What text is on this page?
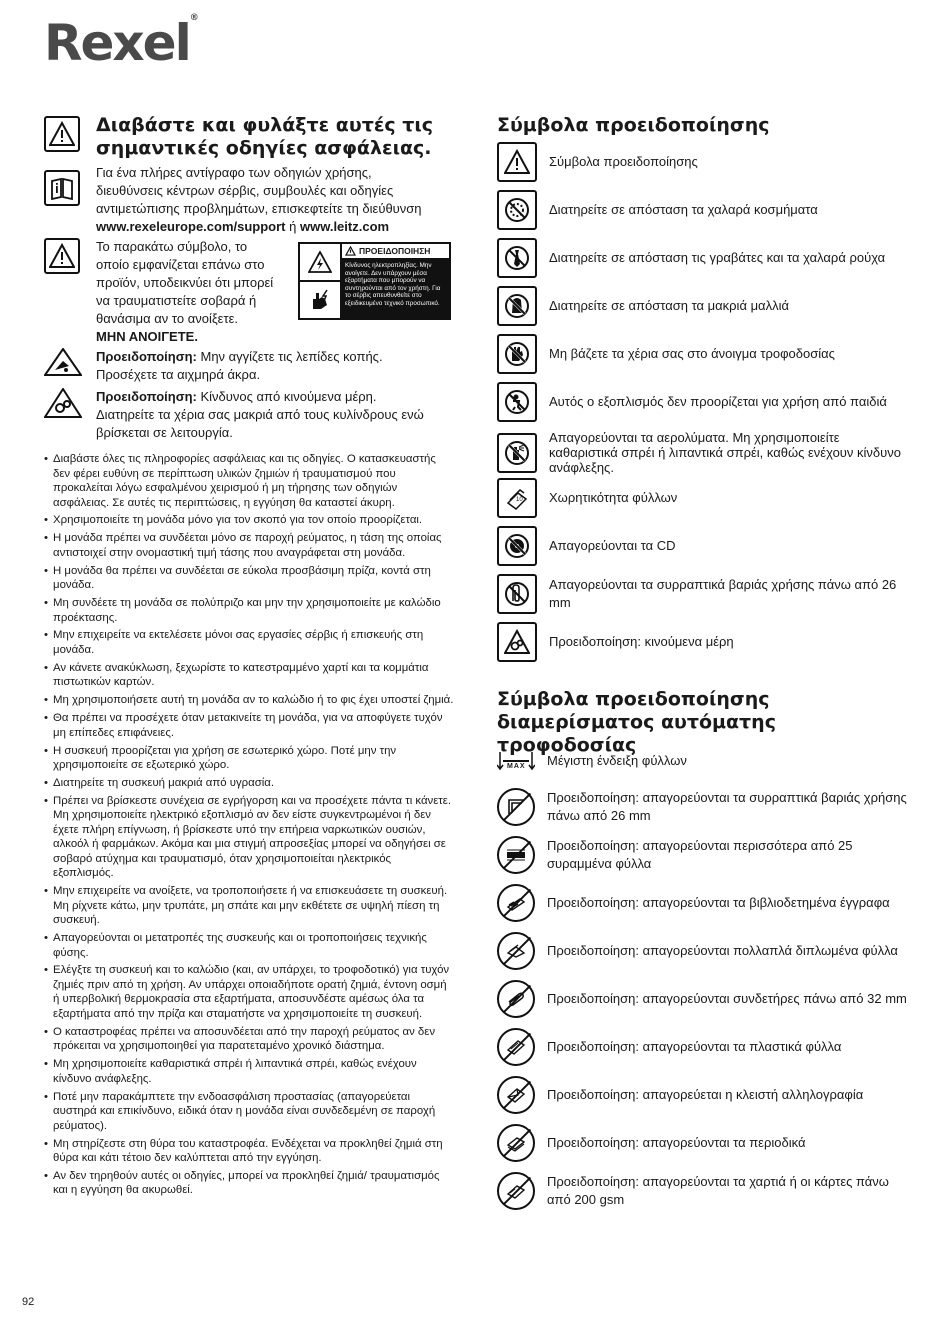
Rexel®
Διαβάστε και φυλάξτε αυτές τις σημαντικές οδηγίες ασφάλειας.
Για ένα πλήρες αντίγραφο των οδηγιών χρήσης,
διευθύνσεις κέντρων σέρβις, συμβουλές και οδηγίες
αντιμετώπισης προβλημάτων, επισκεφτείτε τη διεύθυνση
www.rexeleurope.com/support ή www.leitz.com
Το παρακάτω σύμβολο, το
οποίο εμφανίζεται επάνω στο
προϊόν, υποδεικνύει ότι μπορεί
να τραυματιστείτε σοβαρά ή
θανάσιμα αν το ανοίξετε.
ΜΗΝ ΑΝΟΙΓΕΤΕ.
Προειδοποίηση: Μην αγγίζετε τις λεπίδες κοπής.
Προσέχετε τα αιχμηρά άκρα.
Προειδοποίηση: Κίνδυνος από κινούμενα μέρη.
Διατηρείτε τα χέρια σας μακριά από τους κυλίνδρους ενώ
βρίσκεται σε λειτουργία.
ΠΡΟΕΙΔΟΠΟΙΗΣΗ
Κίνδυνος ηλεκτροπληξίας. Μην ανοίγετε. Δεν υπάρχουν μέσα εξαρτήματα που μπορούν να συντηρούνται από τον χρήστη. Για το σέρβις απευθυνθείτε στο εξειδικευμένο τεχνικό προσωπικό.
• Διαβάστε όλες τις πληροφορίες ασφάλειας και τις οδηγίες. Ο κατασκευαστής δεν φέρει ευθύνη σε περίπτωση υλικών ζημιών ή τραυματισμού που προκαλείται λόγω εσφαλμένου χειρισμού ή μη τήρησης των οδηγιών ασφάλειας. Σε αυτές τις περιπτώσεις, η εγγύηση θα καταστεί άκυρη.
• Χρησιμοποιείτε τη μονάδα μόνο για τον σκοπό για τον οποίο προορίζεται.
• Η μονάδα πρέπει να συνδέεται μόνο σε παροχή ρεύματος, η τάση της οποίας αντιστοιχεί στην ονομαστική τιμή τάσης που αναγράφεται στη μονάδα.
• Η μονάδα θα πρέπει να συνδέεται σε εύκολα προσβάσιμη πρίζα, κοντά στη μονάδα.
• Μη συνδέετε τη μονάδα σε πολύπριζο και μην την χρησιμοποιείτε με καλώδιο προέκτασης.
• Μην επιχειρείτε να εκτελέσετε μόνοι σας εργασίες σέρβις ή επισκευής στη μονάδα.
• Αν κάνετε ανακύκλωση, ξεχωρίστε το κατεστραμμένο χαρτί και τα κομμάτια πιστωτικών καρτών.
• Μη χρησιμοποιήσετε αυτή τη μονάδα αν το καλώδιο ή το φις έχει υποστεί ζημιά.
• Θα πρέπει να προσέχετε όταν μετακινείτε τη μονάδα, για να αποφύγετε τυχόν μη επίπεδες επιφάνειες.
• Η συσκευή προορίζεται για χρήση σε εσωτερικό χώρο. Ποτέ μην την χρησιμοποιείτε σε εξωτερικό χώρο.
• Διατηρείτε τη συσκευή μακριά από υγρασία.
• Πρέπει να βρίσκεστε συνέχεια σε εγρήγορση και να προσέχετε πάντα τι κάνετε. Μη χρησιμοποιείτε ηλεκτρικό εξοπλισμό αν δεν είστε συγκεντρωμένοι ή δεν έχετε πλήρη επίγνωση, ή βρίσκεστε υπό την επήρεια ναρκωτικών ουσιών, αλκοόλ ή φαρμάκων. Ακόμα και μια στιγμή απροσεξίας μπορεί να οδηγήσει σε σοβαρό ατύχημα και τραυματισμό, όταν χρησιμοποιείται ηλεκτρικός εξοπλισμός.
• Μην επιχειρείτε να ανοίξετε, να τροποποιήσετε ή να επισκευάσετε τη συσκευή. Μη ρίχνετε κάτω, μην τρυπάτε, μη σπάτε και μην εκθέτετε σε υψηλή πίεση τη συσκευή.
• Απαγορεύονται οι μετατροπές της συσκευής και οι τροποποιήσεις τεχνικής φύσης.
• Ελέγξτε τη συσκευή και το καλώδιο (και, αν υπάρχει, το τροφοδοτικό) για τυχόν ζημιές πριν από τη χρήση. Αν υπάρχει οποιαδήποτε ορατή ζημιά, έντονη οσμή ή υπερβολική θερμοκρασία στα εξαρτήματα, αποσυνδέστε αμέσως όλα τα εξαρτήματα από την πρίζα και σταματήστε να χρησιμοποιείτε τη συσκευή.
• Ο καταστροφέας πρέπει να αποσυνδέεται από την παροχή ρεύματος αν δεν πρόκειται να χρησιμοποιηθεί για παρατεταμένο χρονικό διάστημα.
• Μη χρησιμοποιείτε καθαριστικά σπρέι ή λιπαντικά σπρέι, καθώς ενέχουν κίνδυνο ανάφλεξης.
• Ποτέ μην παρακάμπτετε την ενδοασφάλιση προστασίας (απαγορεύεται αυστηρά και επικίνδυνο, ειδικά όταν η μονάδα είναι συνδεδεμένη σε παροχή ρεύματος).
• Μη στηρίζεστε στη θύρα του καταστροφέα. Ενδέχεται να προκληθεί ζημιά στη θύρα και κάτι τέτοιο δεν καλύπτεται από την εγγύηση.
• Αν δεν τηρηθούν αυτές οι οδηγίες, μπορεί να προκληθεί ζημιά/ τραυματισμός και η εγγύηση θα ακυρωθεί.
Σύμβολα προειδοποίησης
Σύμβολα προειδοποίησης
Διατηρείτε σε απόσταση τα χαλαρά κοσμήματα
Διατηρείτε σε απόσταση τις γραβάτες και τα χαλαρά ρούχα
Διατηρείτε σε απόσταση τα μακριά μαλλιά
Μη βάζετε τα χέρια σας στο άνοιγμα τροφοδοσίας
Αυτός ο εξοπλισμός δεν προορίζεται για χρήση από παιδιά
Απαγορεύονται τα αερολύματα. Μη χρησιμοποιείτε καθαριστικά σπρέι ή λιπαντικά σπρέι, καθώς ενέχουν κίνδυνο ανάφλεξης.
10 Χωρητικότητα φύλλων
Απαγορεύονται τα CD
Απαγορεύονται τα συρραπτικά βαριάς χρήσης πάνω από 26 mm
Προειδοποίηση: κινούμενα μέρη
Σύμβολα προειδοποίησης
διαμερίσματος αυτόματης τροφοδοσίας
MAX Μέγιστη ένδειξη φύλλων
Προειδοποίηση: απαγορεύονται τα συρραπτικά βαριάς χρήσης πάνω από 26 mm
Προειδοποίηση: απαγορεύονται περισσότερα από 25 συραμμένα φύλλα
Προειδοποίηση: απαγορεύονται τα βιβλιοδετημένα έγγραφα
Προειδοποίηση: απαγορεύονται πολλαπλά διπλωμένα φύλλα
Προειδοποίηση: απαγορεύονται συνδετήρες πάνω από 32 mm
Προειδοποίηση: απαγορεύονται τα πλαστικά φύλλα
Προειδοποίηση: απαγορεύεται η κλειστή αλληλογραφία
Προειδοποίηση: απαγορεύονται τα περιοδικά
Προειδοποίηση: απαγορεύονται τα χαρτιά ή οι κάρτες πάνω από 200 gsm
92
